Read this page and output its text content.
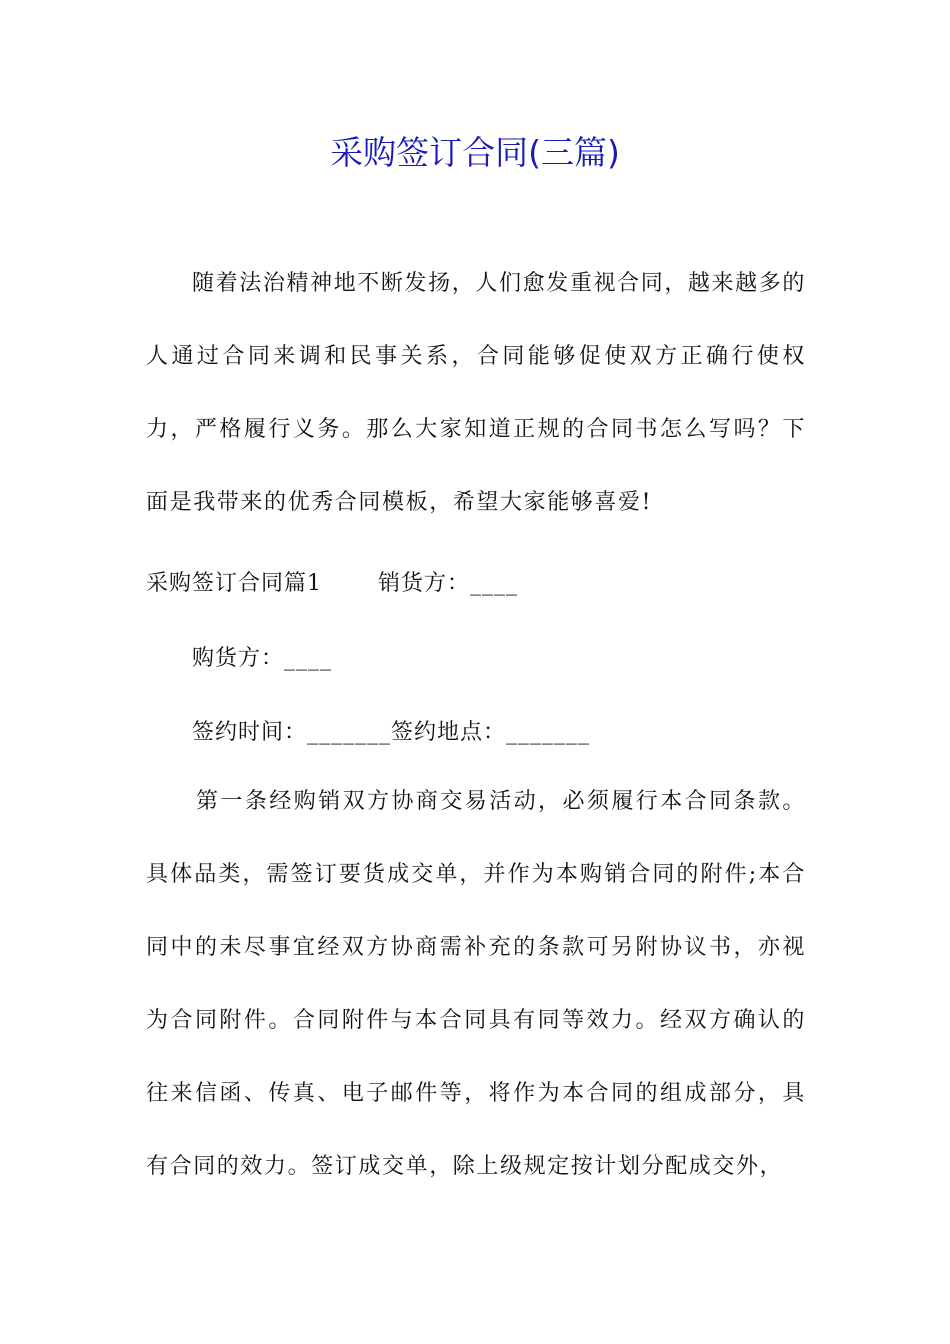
采购签订合同(三篇)

随着法治精神地不断发扬，人们愈发重视合同，越来越多的人通过合同来调和民事关系，合同能够促使双方正确行使权力，严格履行义务。那么大家知道正规的合同书怎么写吗？下面是我带来的优秀合同模板，希望大家能够喜爱!

采购签订合同篇1	销货方：____
购货方：____
签约时间：_______签约地点：_______

第一条经购销双方协商交易活动，必须履行本合同条款。具体品类，需签订要货成交单，并作为本购销合同的附件;本合同中的未尽事宜经双方协商需补充的条款可另附协议书，亦视为合同附件。合同附件与本合同具有同等效力。经双方确认的往来信函、传真、电子邮件等，将作为本合同的组成部分，具有合同的效力。签订成交单，除上级规定按计划分配成交外，
